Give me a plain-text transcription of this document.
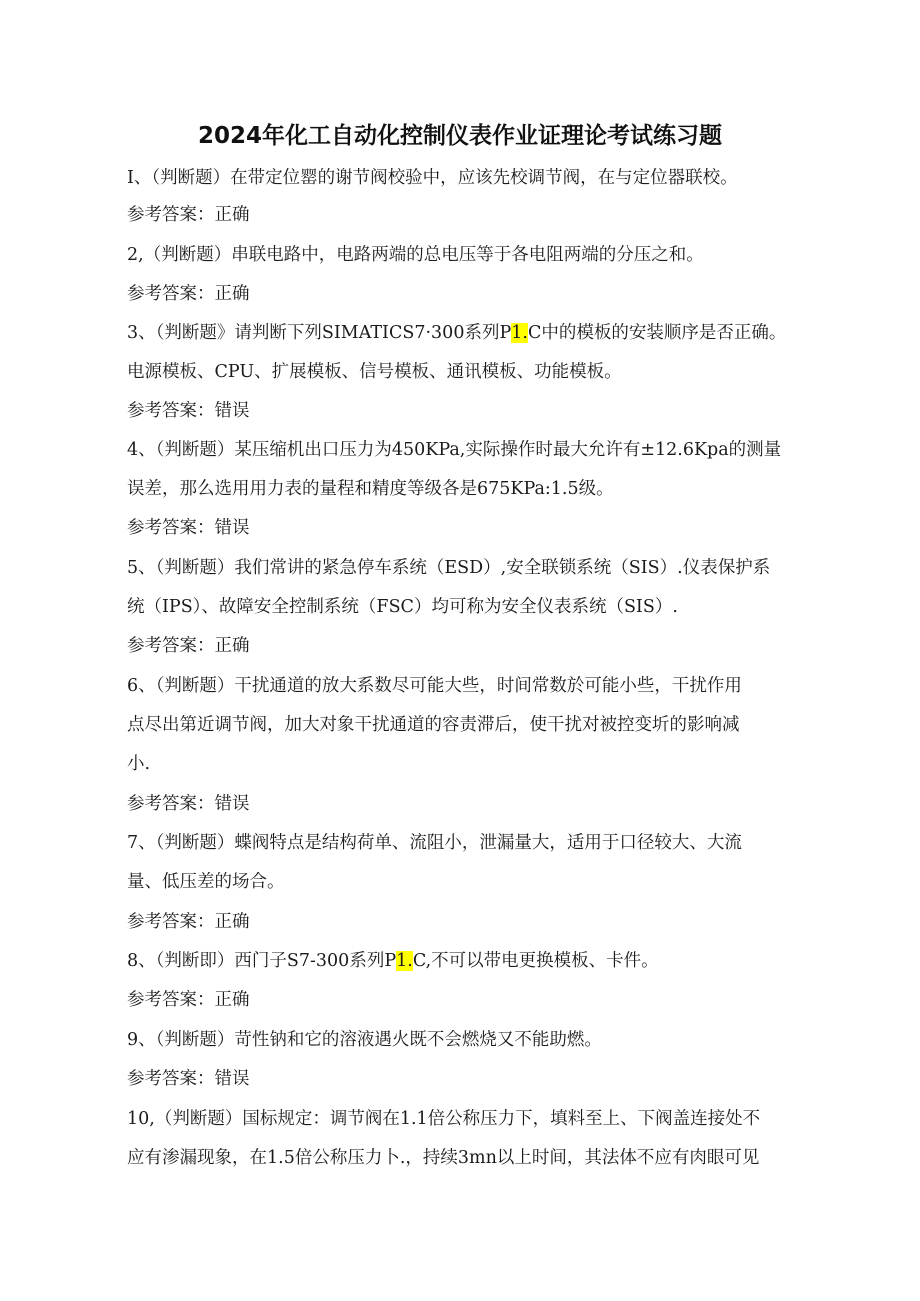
2024年化工自动化控制仪表作业证理论考试练习题
I、（判断题）在带定位罂的谢节阀校验中，应该先校调节阀，在与定位器联校。
参考答案：正确
2,（判断题）串联电路中，电路两端的总电压等于各电阻两端的分压之和。
参考答案：正确
3、（判断题》请判断下列SIMATICS7·300系列P1.C中的模板的安装顺序是否正确。
电源模板、CPU、扩展模板、信号模板、通讯模板、功能模板。
参考答案：错误
4、（判断题）某压缩机出口压力为450KPa,实际操作时最大允许有±12.6Kpa的测量
误差，那么选用用力表的量程和精度等级各是675KPa:1.5级。
参考答案：错误
5、（判断题）我们常讲的紧急停车系统（ESD）,安全联锁系统（SIS）.仪表保护系
统（IPS）、故障安全控制系统（FSC）均可称为安全仪表系统（SIS）.
参考答案：正确
6、（判断题）干扰通道的放大系数尽可能大些，时间常数於可能小些，干扰作用
点尽出第近调节阀，加大对象干扰通道的容责滞后，使干扰对被控变圻的影响减
小.
参考答案：错误
7、（判断题）蝶阀特点是结构荷单、流阻小，泄漏量大，适用于口径较大、大流
量、低压差的场合。
参考答案：正确
8、（判断即）西门子S7-300系列P1.C,不可以带电更换模板、卡件。
参考答案：正确
9、（判断题）苛性钠和它的溶液遇火既不会燃烧又不能助燃。
参考答案：错误
10,（判断题）国标规定：调节阀在1.1倍公称压力下，填料至上、下阀盖连接处不
应有渗漏现象，在1.5倍公称压力卜.，持续3mn以上时间，其法体不应有肉眼可见
